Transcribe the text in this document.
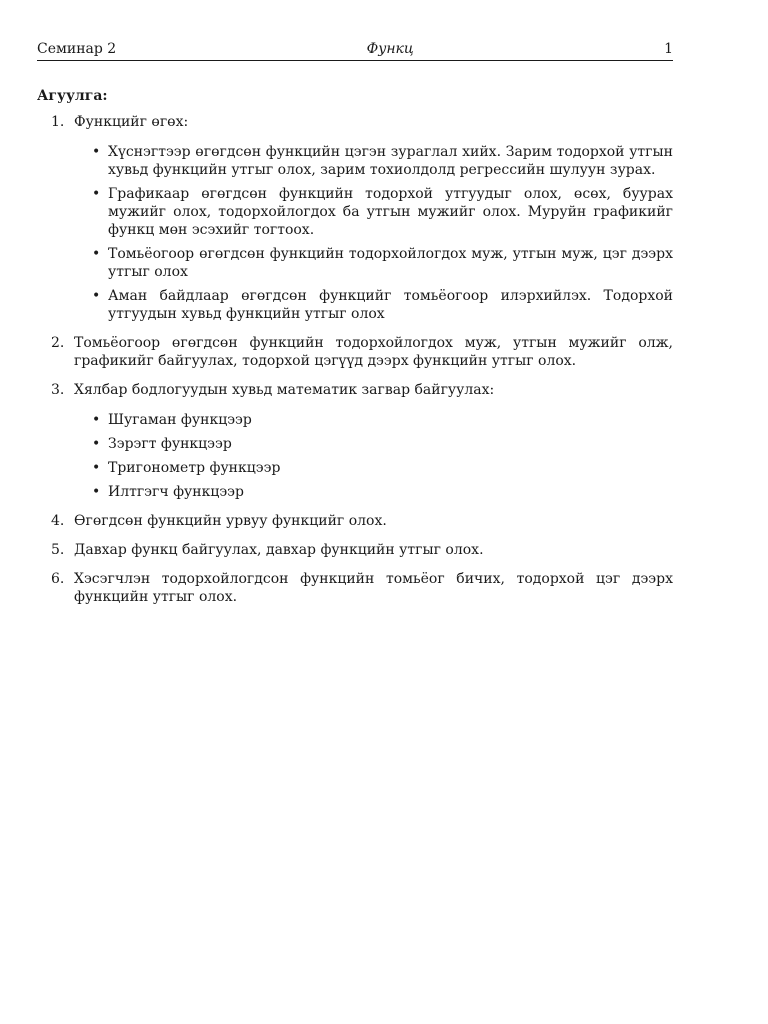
Семинар 2	Функц	1
Агуулга:
1. Функцийг өгөх:
• Хүснэгтээр өгөгдсөн функцийн цэгэн зураглал хийх. Зарим тодорхой утгын хувьд функцийн утгыг олох, зарим тохиолдолд регрессийн шулуун зурах.
• Графикаар өгөгдсөн функцийн тодорхой утгуудыг олох, өсөх, буурах мужийг олох, тодорхойлогдох ба утгын мужийг олох. Муруйн графикийг функц мөн эсэхийг тогтоох.
• Томьёогоор өгөгдсөн функцийн тодорхойлогдох муж, утгын муж, цэг дээрх утгыг олох
• Аман байдлаар өгөгдсөн функцийг томьёогоор илэрхийлэх. Тодорхой утгуудын хувьд функцийн утгыг олох
2. Томьёогоор өгөгдсөн функцийн тодорхойлогдох муж, утгын мужийг олж, графикийг байгуулах, тодорхой цэгүүд дээрх функцийн утгыг олох.
3. Хялбар бодлогуудын хувьд математик загвар байгуулах:
• Шугаман функцээр
• Зэрэгт функцээр
• Тригонометр функцээр
• Илтгэгч функцээр
4. Өгөгдсөн функцийн урвуу функцийг олох.
5. Давхар функц байгуулах, давхар функцийн утгыг олох.
6. Хэсэгчлэн тодорхойлогдсон функцийн томьёог бичих, тодорхой цэг дээрх функцийн утгыг олох.
